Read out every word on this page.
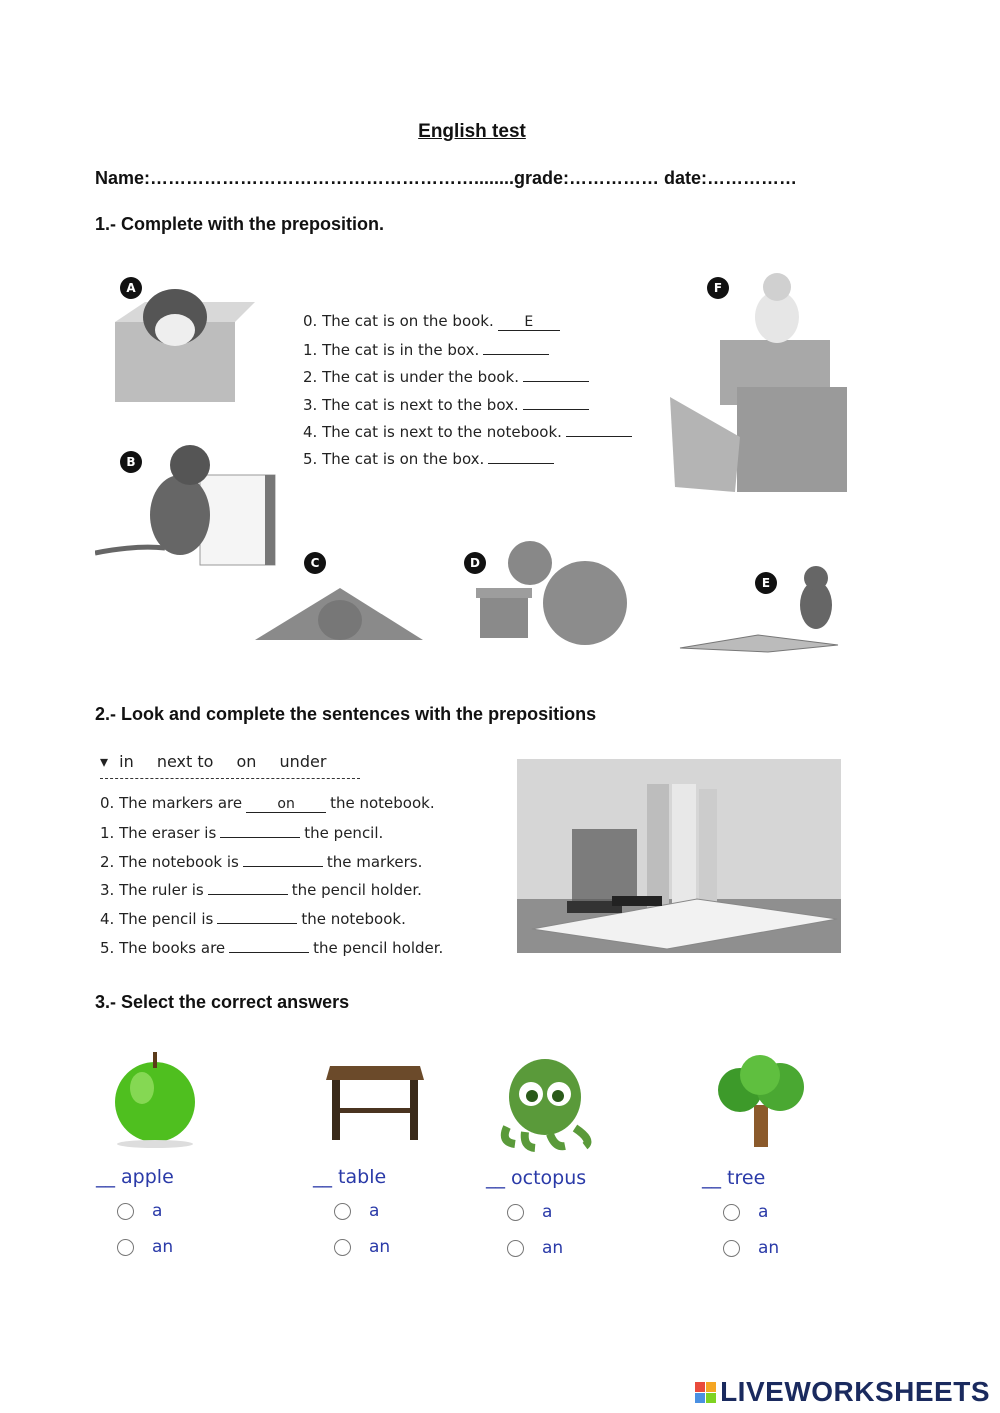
English test
Name:………………………………………………........grade:…………… date:……………
1.- Complete with the preposition.
A
B
C	D
E
F
0. The cat is on the book. E
1. The cat is in the box.
2. The cat is under the book.
3. The cat is next to the box.
4. The cat is next to the notebook.
5. The cat is on the box.
2.- Look and complete the sentences with the prepositions
▾ in next to on under
0. The markers are	on the notebook.
1. The eraser is	the pencil.
2. The notebook is	the markers.
3. The ruler is	the pencil holder.
4. The pencil is	the notebook.
5. The books are	the pencil holder.
3.- Select the correct answers
__ apple
a
an
__ table
a
an
__ octopus
a
an
__ tree
a
an
LIVEWORKSHEETS
